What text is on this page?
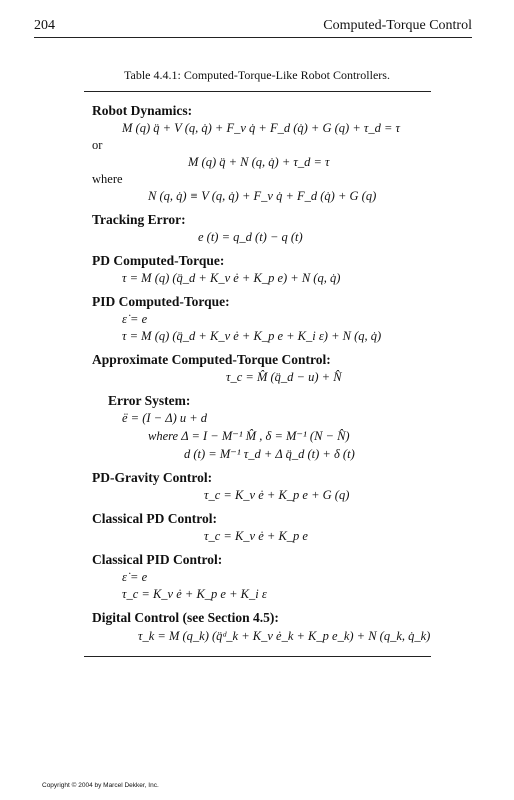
204	Computed-Torque Control
Table 4.4.1: Computed-Torque-Like Robot Controllers.
Robot Dynamics:
M (q) q̈ + V (q, q̇) + F_v q̇ + F_d (q̇) + G (q) + τ_d = τ
or
M (q) q̈ + N (q, q̇) + τ_d = τ
where
N (q, q̇) ≡ V (q, q̇) + F_v q̇ + F_d (q̇) + G (q)
Tracking Error:
e (t) = q_d (t) − q (t)
PD Computed-Torque:
τ = M (q) (q̈_d + K_v ė + K_p e) + N (q, q̇)
PID Computed-Torque:
ε̇ = e
τ = M (q) (q̈_d + K_v ė + K_p e + K_i ε) + N (q, q̇)
Approximate Computed-Torque Control:
τ_c = M̂ (q̈_d − u) + N̂
Error System:
ë = (I − Δ) u + d
where Δ = I − M⁻¹ M̂ , δ = M⁻¹ (N − N̂)
d (t) = M⁻¹ τ_d + Δ q̈_d (t) + δ (t)
PD-Gravity Control:
τ_c = K_v ė + K_p e + G (q)
Classical PD Control:
τ_c = K_v ė + K_p e
Classical PID Control:
ε̇ = e
τ_c = K_v ė + K_p e + K_i ε
Digital Control (see Section 4.5):
τ_k = M (q_k) (q̈ᵈ_k + K_v ė_k + K_p e_k) + N (q_k, q̇_k)
Copyright © 2004 by Marcel Dekker, Inc.
